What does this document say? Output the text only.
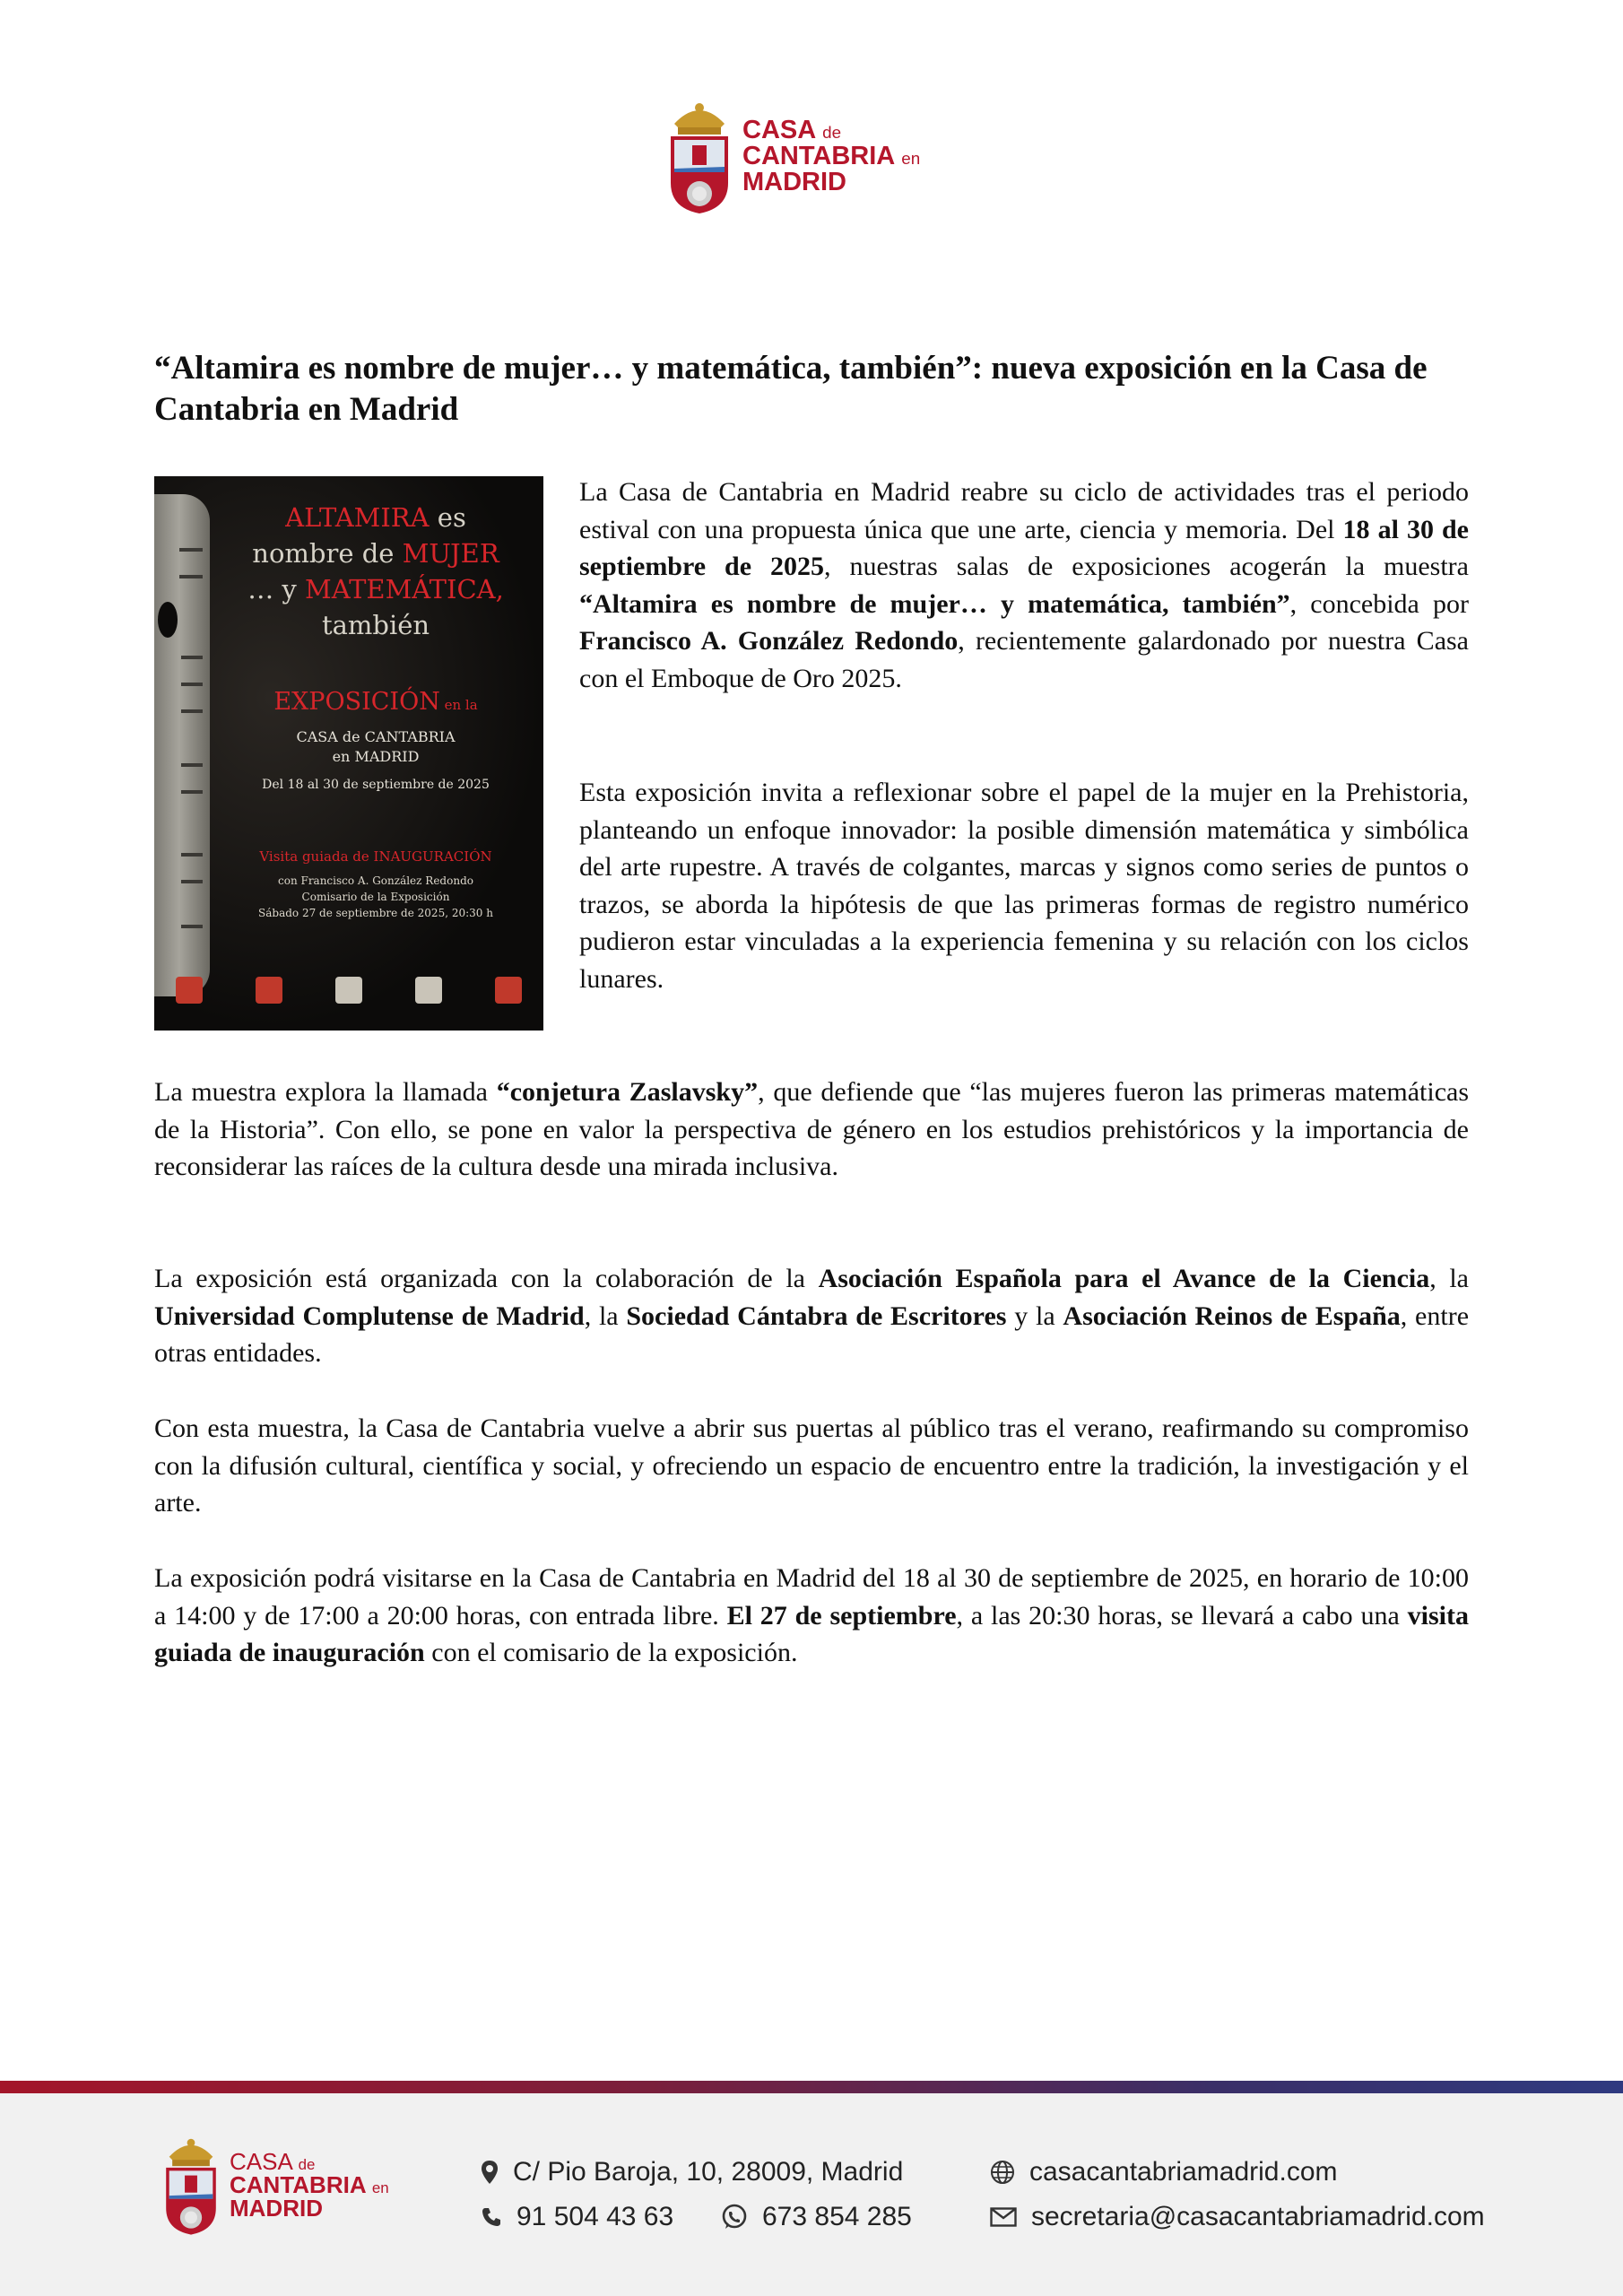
CASA de
CANTABRIA en
MADRID
“Altamira es nombre de mujer… y matemática, también”: nueva exposición en la Casa de Cantabria en Madrid
ALTAMIRA es
nombre de MUJER
… y MATEMÁTICA,
también
EXPOSICIÓN en la
CASA de CANTABRIA
en MADRID
Del 18 al 30 de septiembre de 2025
Visita guiada de INAUGURACIÓN
con Francisco A. González Redondo
Comisario de la Exposición
Sábado 27 de septiembre de 2025, 20:30 h

La Casa de Cantabria en Madrid reabre su ciclo de actividades tras el periodo estival con una propuesta única que une arte, ciencia y memoria. Del 18 al 30 de septiembre de 2025, nuestras salas de exposiciones acogerán la muestra “Altamira es nombre de mujer… y matemática, también”, concebida por Francisco A. González Redondo, recientemente galardonado por nuestra Casa con el Emboque de Oro 2025.

Esta exposición invita a reflexionar sobre el papel de la mujer en la Prehistoria, planteando un enfoque innovador: la posible dimensión matemática y simbólica del arte rupestre. A través de colgantes, marcas y signos como series de puntos o trazos, se aborda la hipótesis de que las primeras formas de registro numérico pudieron estar vinculadas a la experiencia femenina y su relación con los ciclos lunares.

La muestra explora la llamada “conjetura Zaslavsky”, que defiende que “las mujeres fueron las primeras matemáticas de la Historia”. Con ello, se pone en valor la perspectiva de género en los estudios prehistóricos y la importancia de reconsiderar las raíces de la cultura desde una mirada inclusiva.

La exposición está organizada con la colaboración de la Asociación Española para el Avance de la Ciencia, la Universidad Complutense de Madrid, la Sociedad Cántabra de Escritores y la Asociación Reinos de España, entre otras entidades.

Con esta muestra, la Casa de Cantabria vuelve a abrir sus puertas al público tras el verano, reafirmando su compromiso con la difusión cultural, científica y social, y ofreciendo un espacio de encuentro entre la tradición, la investigación y el arte.

La exposición podrá visitarse en la Casa de Cantabria en Madrid del 18 al 30 de septiembre de 2025, en horario de 10:00 a 14:00 y de 17:00 a 20:00 horas, con entrada libre. El 27 de septiembre, a las 20:30 horas, se llevará a cabo una visita guiada de inauguración con el comisario de la exposición.

CASA de
CANTABRIA en
MADRID
C/ Pio Baroja, 10, 28009, Madrid
91 504 43 63	673 854 285
casacantabriamadrid.com
secretaria@casacantabriamadrid.com
